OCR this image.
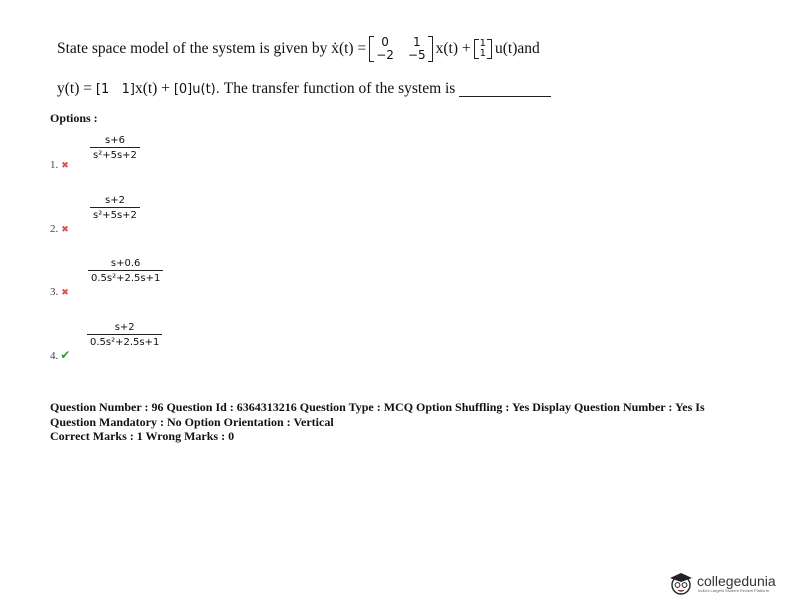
State space model of the system is given by ẋ(t) =	0	1
−2 −5 x(t) + 1
1 u(t)and
y(t) =
[1   1] x(t) +
[0] u(t).
The transfer function of the system is
Options :
1. ✖
$\frac{s+6}{\text{s²+5s+2}}$
2. ✖
$\frac{s+2}{\text{s²+5s+2}}$
3. ✖
$\frac{s+0.6}{\text{0.5s²+2.5s+1}}$
4. ✔
$\frac{s+2}{\text{0.5s²+2.5s+1}}$
Question Number : 96 Question Id : 6364313216 Question Type : MCQ Option Shuffling : Yes Display Question Number : Yes Is
Question Mandatory : No Option Orientation : Vertical
Correct Marks : 1 Wrong Marks : 0
collegedunia
India's Largest Student Review Platform
